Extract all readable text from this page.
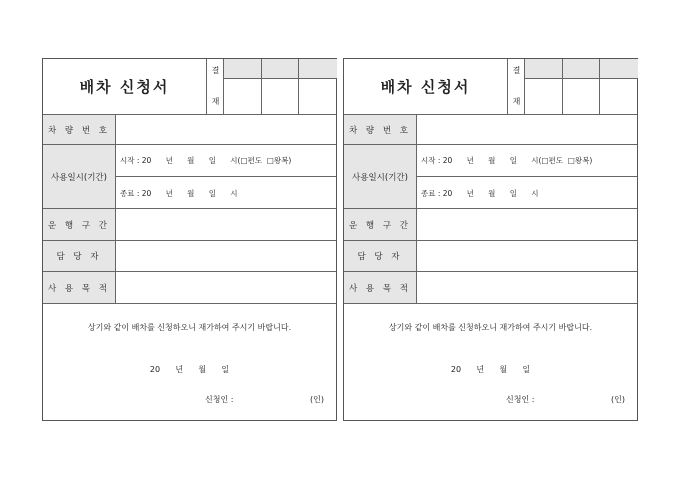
배차 신청서
결
재
차 량 번 호
사용일시(기간)
시작 : 20      년      월      일      시(□편도  □왕복)
종료 : 20      년      월      일      시
운 행 구 간
담 당 자
사 용 목 적
상기와 같이 배차를 신청하오니 재가하여 주시기 바랍니다.
20      년      월      일
신청인 :	(인)
배차 신청서
결
재
차 량 번 호
사용일시(기간)
시작 : 20      년      월      일      시(□편도  □왕복)
종료 : 20      년      월      일      시
운 행 구 간
담 당 자
사 용 목 적
상기와 같이 배차를 신청하오니 재가하여 주시기 바랍니다.
20      년      월      일
신청인 :	(인)
